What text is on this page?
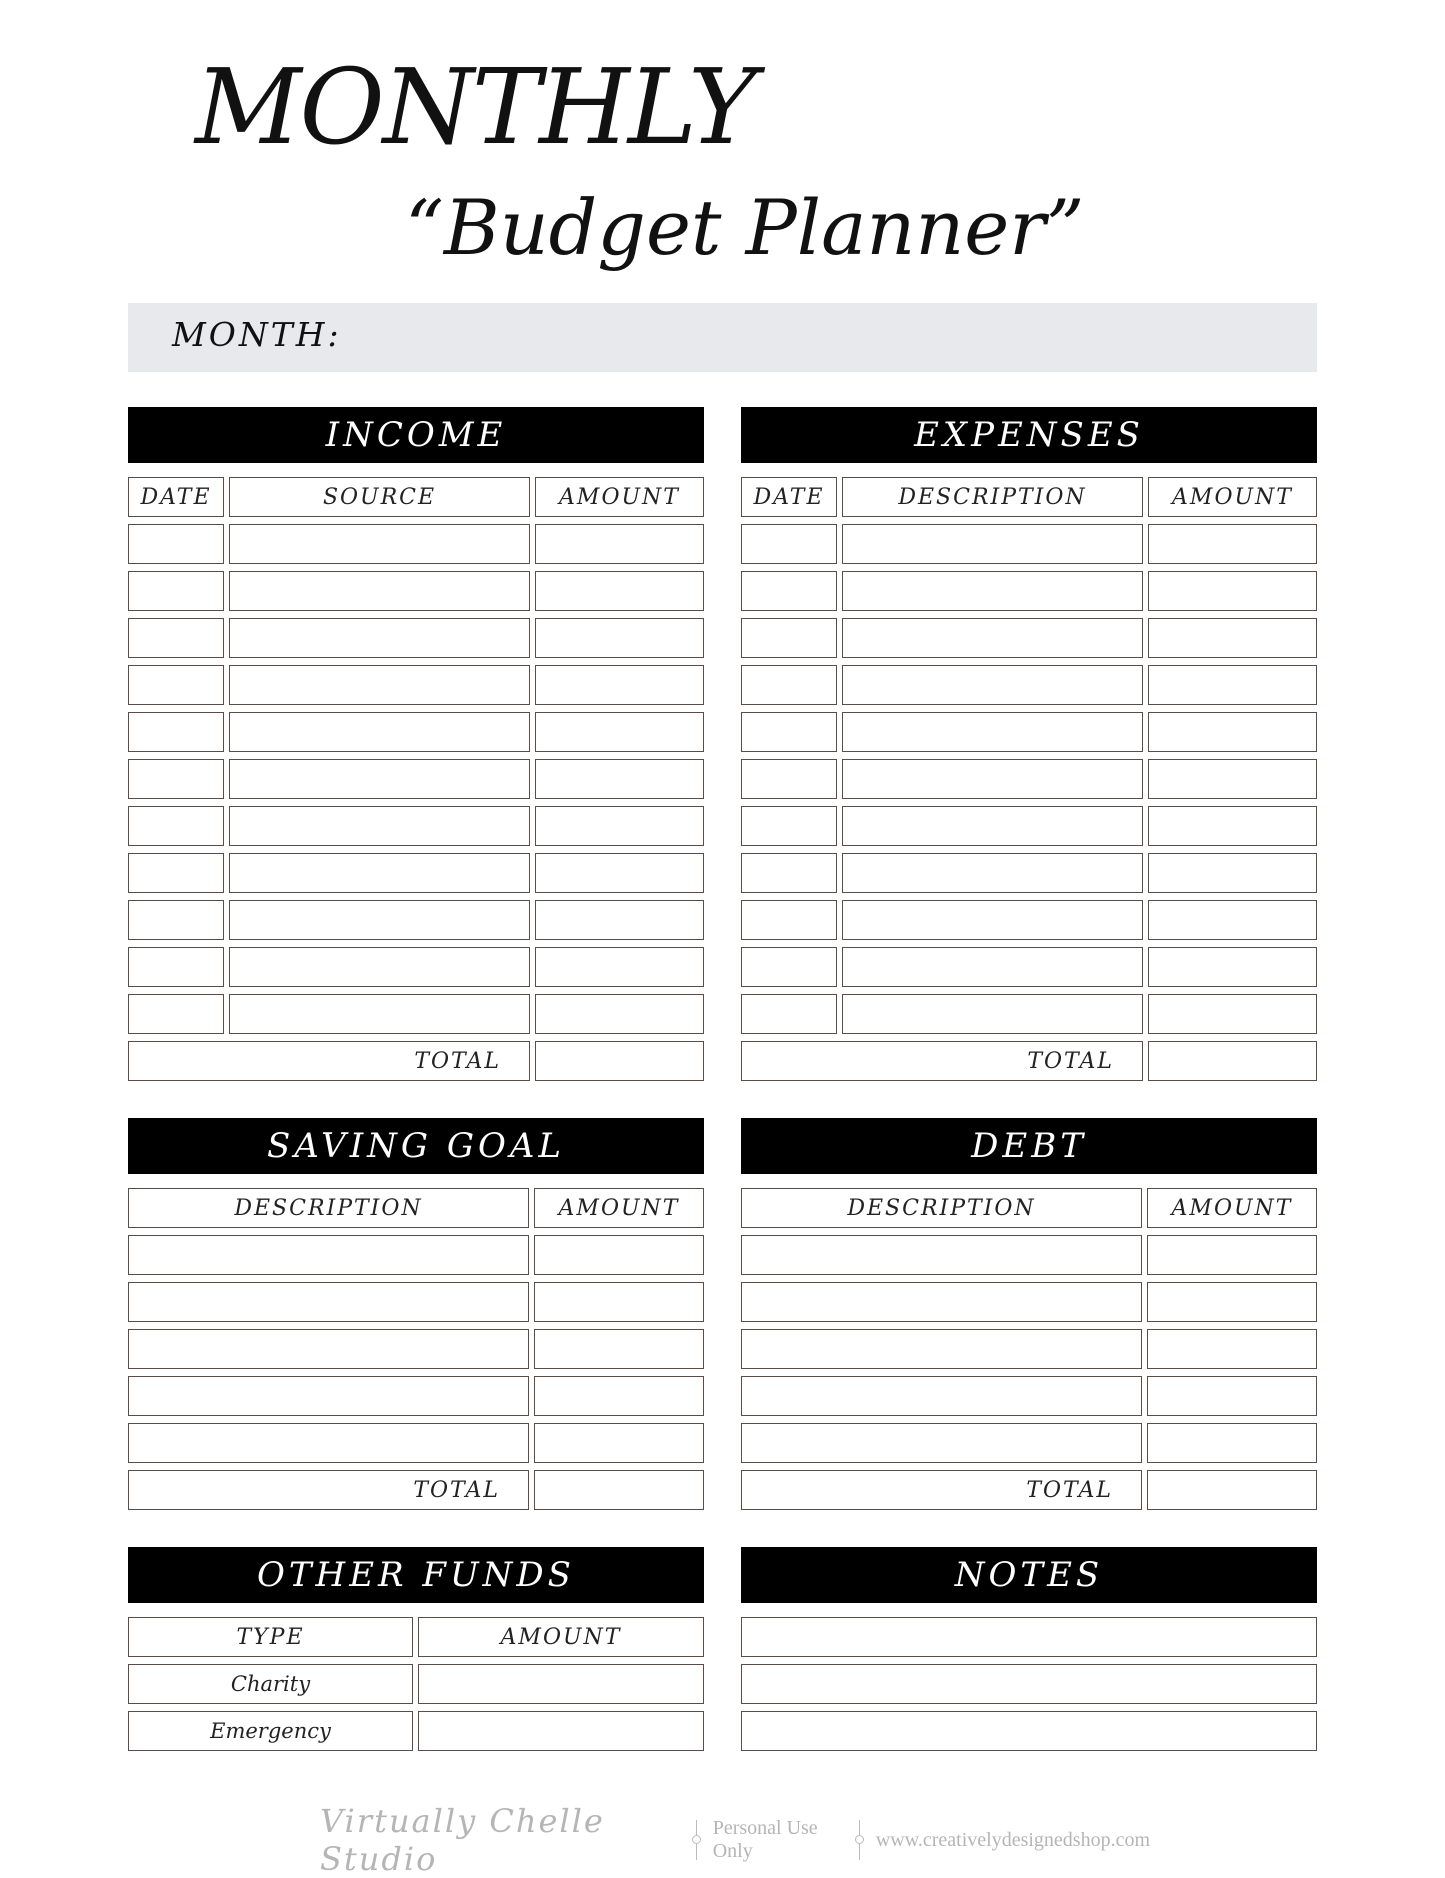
MONTHLY
“Budget Planner”
MONTH:
INCOME
DATE	SOURCE	AMOUNT
TOTAL
EXPENSES
DATE	DESCRIPTION	AMOUNT
TOTAL
SAVING GOAL
DESCRIPTION	AMOUNT
TOTAL
DEBT
DESCRIPTION	AMOUNT
TOTAL
OTHER FUNDS
TYPE	AMOUNT
Charity
Emergency
NOTES
Virtually Chelle Studio
Personal Use Only
www.creativelydesignedshop.com
